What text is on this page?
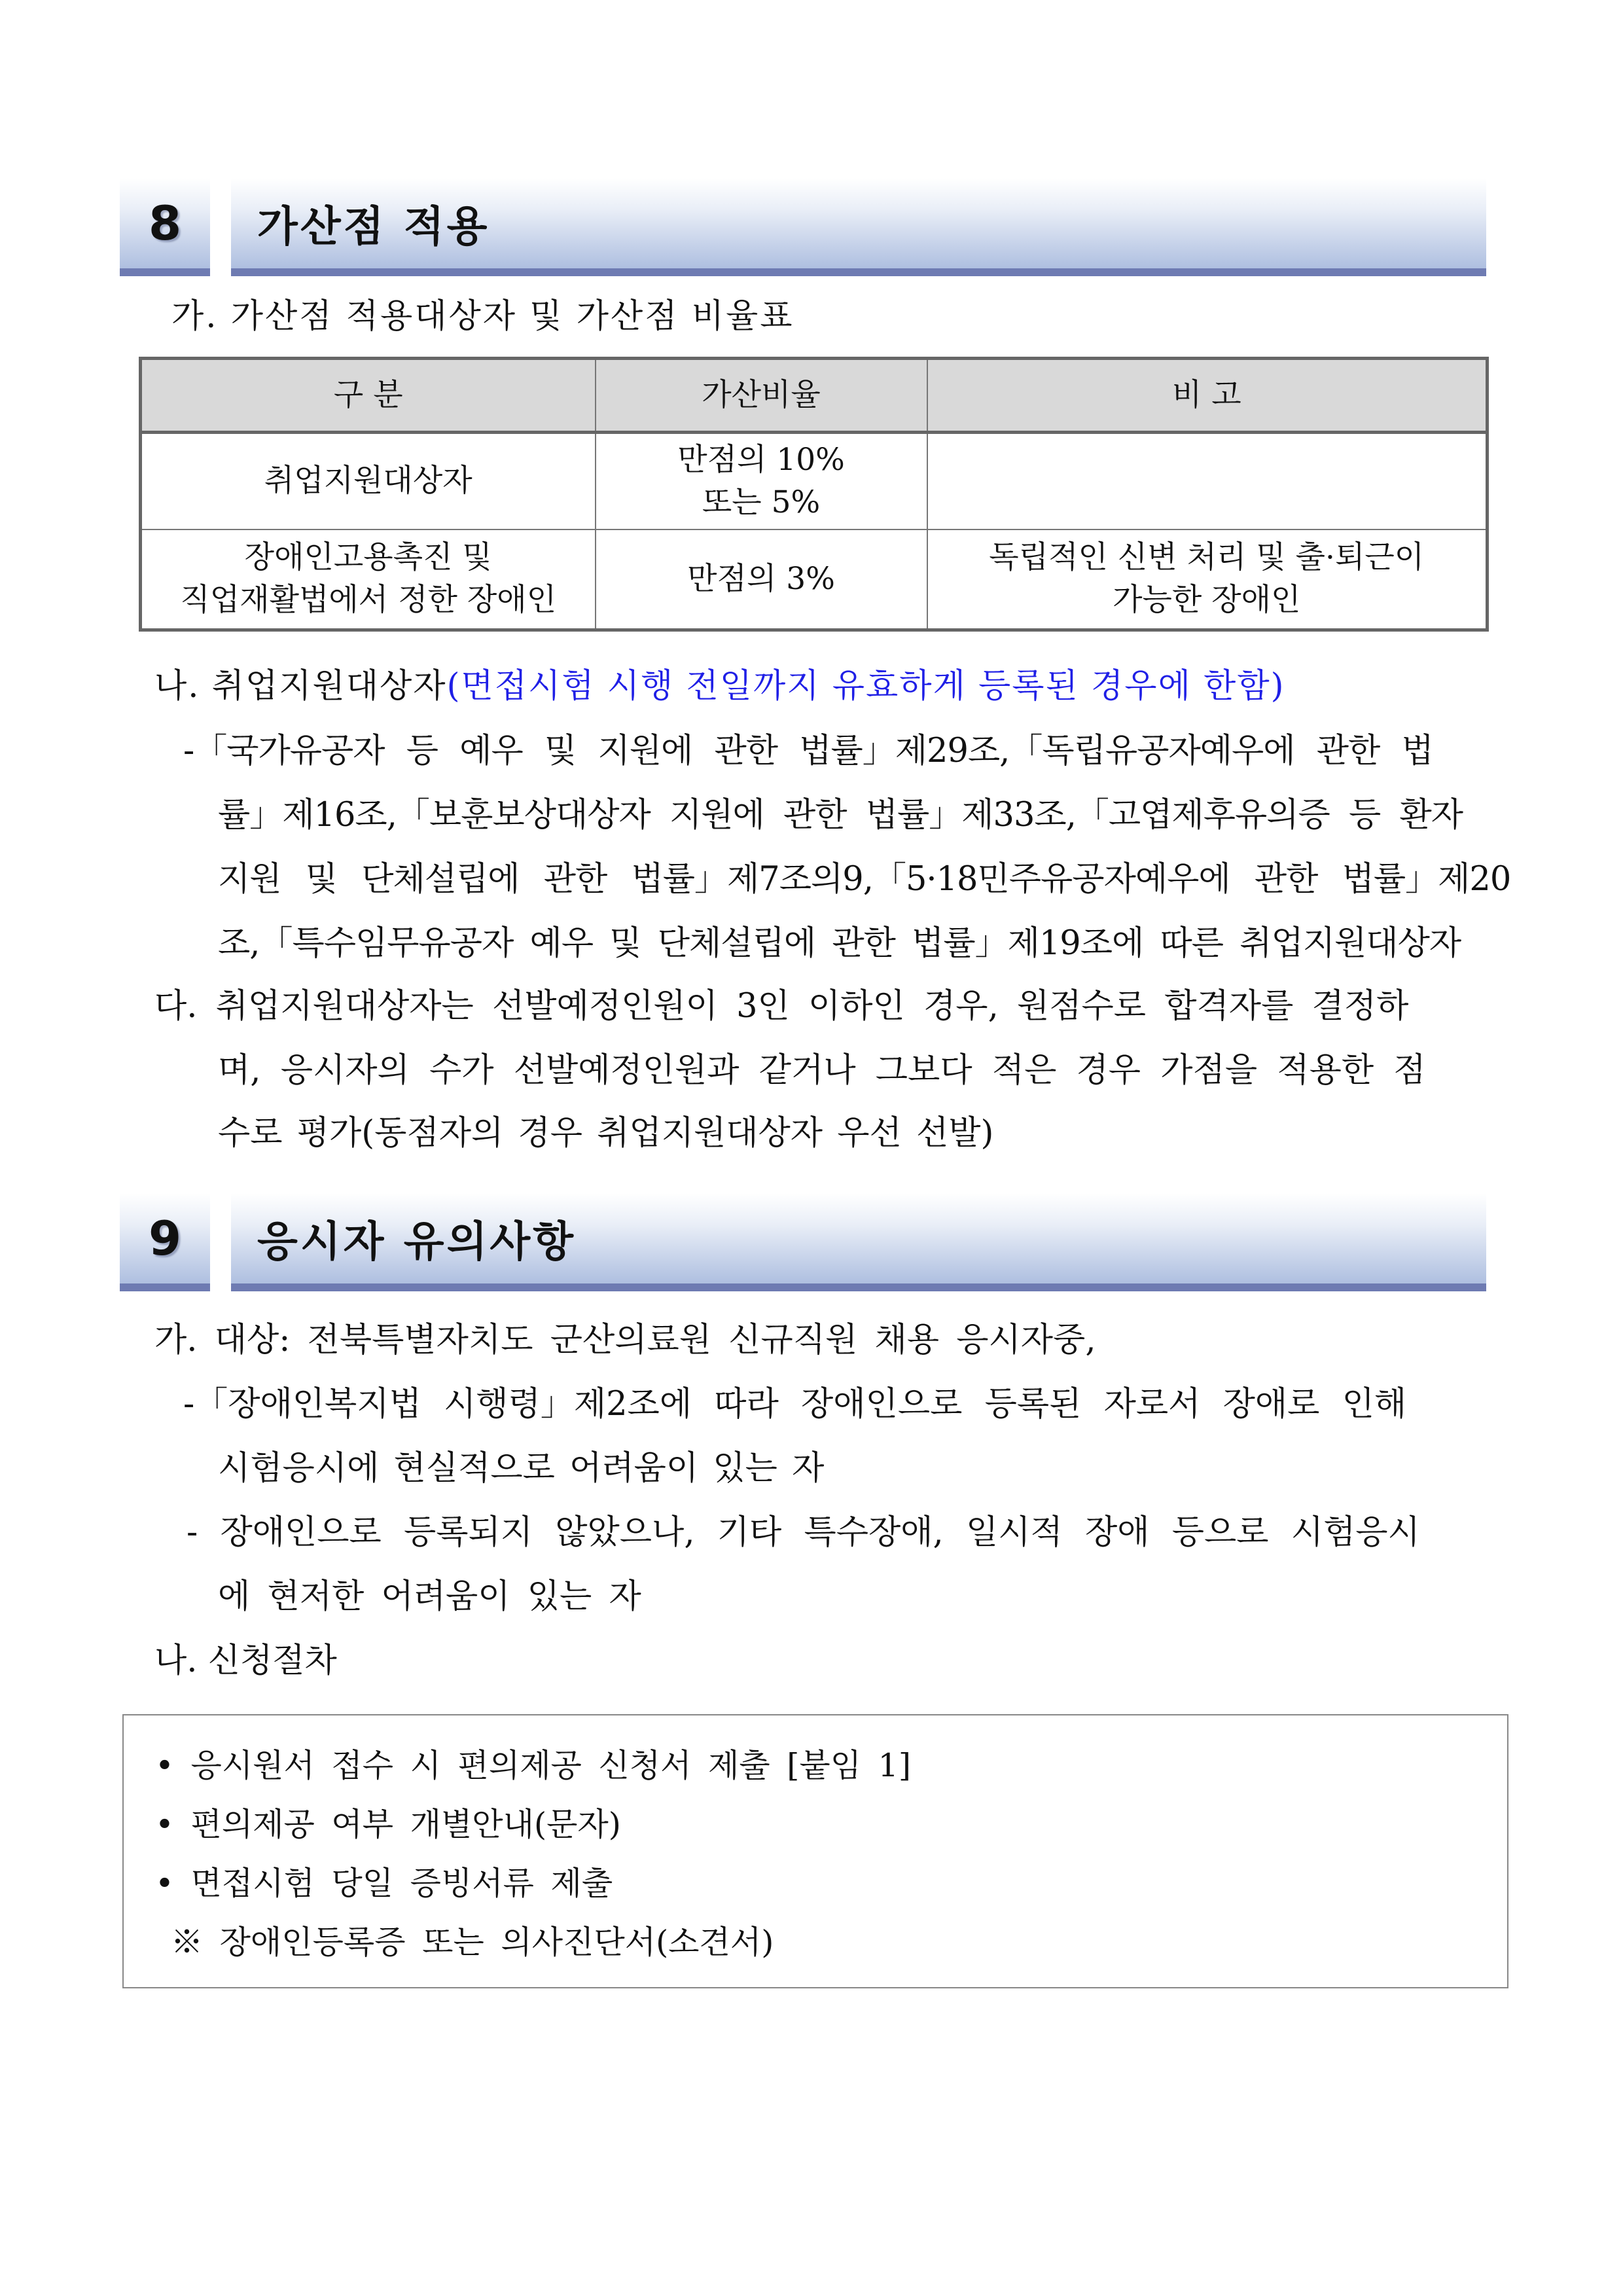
8	가산점 적용
가. 가산점 적용대상자 및 가산점 비율표
구 분	가산비율	비 고

취업지원대상자	만점의 10%
또는 5%	

장애인고용촉진 및
직업재활법에서 정한 장애인	만점의 3%	독립적인 신변 처리 및 출·퇴근이
가능한 장애인
나. 취업지원대상자(면접시험 시행 전일까지 유효하게 등록된 경우에 한함)
-「국가유공자 등 예우 및 지원에 관한 법률」제29조,「독립유공자예우에 관한 법
률」제16조,「보훈보상대상자 지원에 관한 법률」제33조,「고엽제후유의증 등 환자
지원 및 단체설립에 관한 법률」제7조의9,「5·18민주유공자예우에 관한 법률」제20
조,「특수임무유공자 예우 및 단체설립에 관한 법률」제19조에 따른 취업지원대상자
다. 취업지원대상자는 선발예정인원이 3인 이하인 경우, 원점수로 합격자를 결정하
며, 응시자의 수가 선발예정인원과 같거나 그보다 적은 경우 가점을 적용한 점
수로 평가(동점자의 경우 취업지원대상자 우선 선발)
9	응시자 유의사항
가. 대상: 전북특별자치도 군산의료원 신규직원 채용 응시자중,
-「장애인복지법 시행령」제2조에 따라 장애인으로 등록된 자로서 장애로 인해
시험응시에 현실적으로 어려움이 있는 자
- 장애인으로 등록되지 않았으나, 기타 특수장애, 일시적 장애 등으로 시험응시
에 현저한 어려움이 있는 자
나. 신청절차
• 응시원서 접수 시 편의제공 신청서 제출 [붙임 1]
• 편의제공 여부 개별안내(문자)
• 면접시험 당일 증빙서류 제출
※ 장애인등록증 또는 의사진단서(소견서)
